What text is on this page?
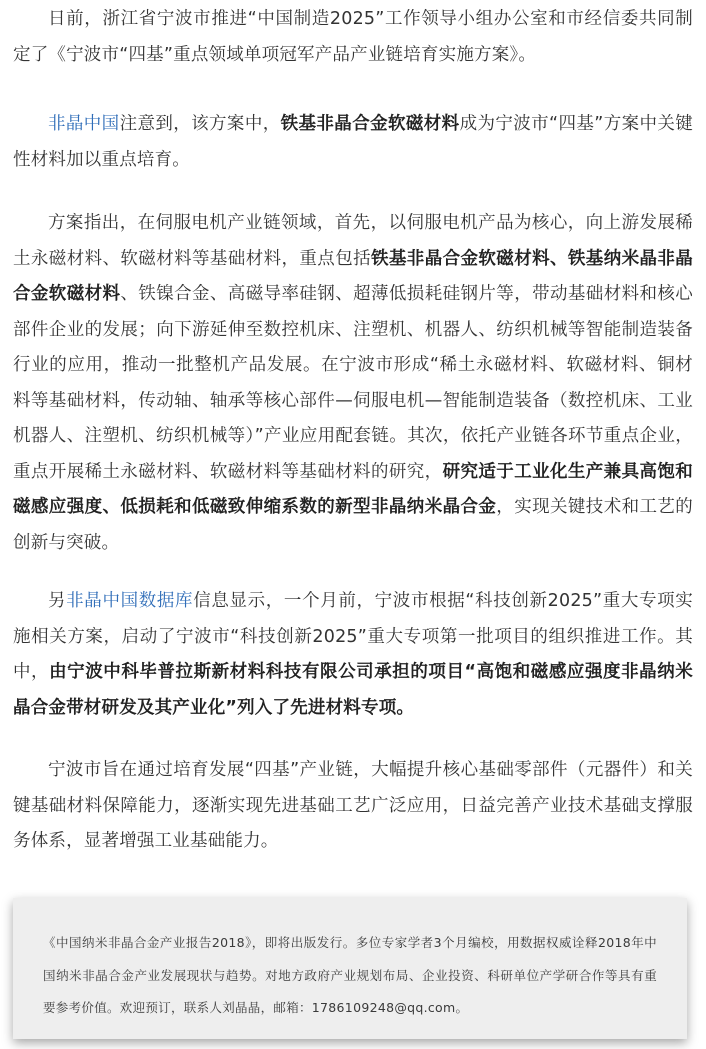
日前，浙江省宁波市推进“中国制造2025”工作领导小组办公室和市经信委共同制定了《宁波市“四基”重点领域单项冠军产品产业链培育实施方案》。

非晶中国注意到，该方案中，铁基非晶合金软磁材料成为宁波市“四基”方案中关键性材料加以重点培育。

方案指出，在伺服电机产业链领域，首先，以伺服电机产品为核心，向上游发展稀土永磁材料、软磁材料等基础材料，重点包括铁基非晶合金软磁材料、铁基纳米晶非晶合金软磁材料、铁镍合金、高磁导率硅钢、超薄低损耗硅钢片等，带动基础材料和核心部件企业的发展；向下游延伸至数控机床、注塑机、机器人、纺织机械等智能制造装备行业的应用，推动一批整机产品发展。在宁波市形成“稀土永磁材料、软磁材料、铜材料等基础材料，传动轴、轴承等核心部件—伺服电机—智能制造装备（数控机床、工业机器人、注塑机、纺织机械等）”产业应用配套链。其次，依托产业链各环节重点企业，重点开展稀土永磁材料、软磁材料等基础材料的研究，研究适于工业化生产兼具高饱和磁感应强度、低损耗和低磁致伸缩系数的新型非晶纳米晶合金，实现关键技术和工艺的创新与突破。

另非晶中国数据库信息显示，一个月前，宁波市根据“科技创新2025”重大专项实施相关方案，启动了宁波市“科技创新2025”重大专项第一批项目的组织推进工作。其中，由宁波中科毕普拉斯新材料科技有限公司承担的项目“高饱和磁感应强度非晶纳米晶合金带材研发及其产业化”列入了先进材料专项。

宁波市旨在通过培育发展“四基”产业链，大幅提升核心基础零部件（元器件）和关键基础材料保障能力，逐渐实现先进基础工艺广泛应用，日益完善产业技术基础支撑服务体系，显著增强工业基础能力。

《中国纳米非晶合金产业报告2018》，即将出版发行。多位专家学者3个月编校，用数据权威诠释2018年中国纳米非晶合金产业发展现状与趋势。对地方政府产业规划布局、企业投资、科研单位产学研合作等具有重要参考价值。欢迎预订，联系人刘晶晶，邮箱：1786109248@qq.com。
